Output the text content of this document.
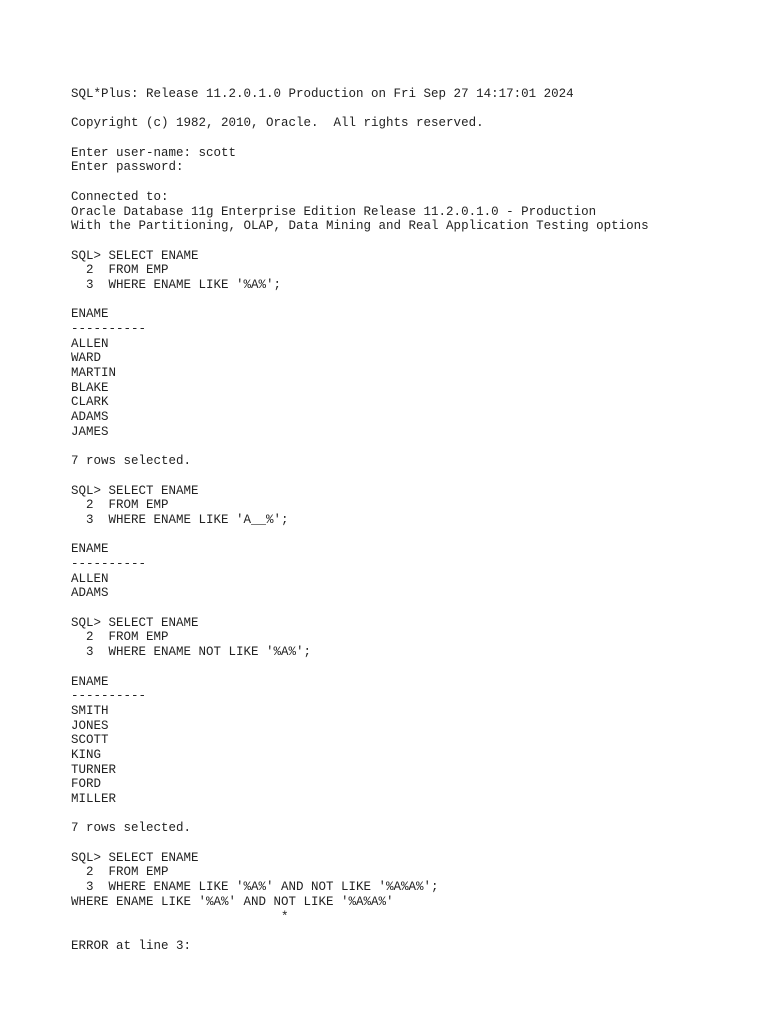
SQL*Plus: Release 11.2.0.1.0 Production on Fri Sep 27 14:17:01 2024
Copyright (c) 1982, 2010, Oracle.  All rights reserved.
Enter user-name: scott
Enter password:
Connected to:
Oracle Database 11g Enterprise Edition Release 11.2.0.1.0 - Production
With the Partitioning, OLAP, Data Mining and Real Application Testing options
SQL> SELECT ENAME
2  FROM EMP
3  WHERE ENAME LIKE '%A%';
ENAME
----------
ALLEN
WARD
MARTIN
BLAKE
CLARK
ADAMS
JAMES
7 rows selected.
SQL> SELECT ENAME
2  FROM EMP
3  WHERE ENAME LIKE 'A__%';
ENAME
----------
ALLEN
ADAMS
SQL> SELECT ENAME
2  FROM EMP
3  WHERE ENAME NOT LIKE '%A%';
ENAME
----------
SMITH
JONES
SCOTT
KING
TURNER
FORD
MILLER
7 rows selected.
SQL> SELECT ENAME
2  FROM EMP
3  WHERE ENAME LIKE '%A%' AND NOT LIKE '%A%A%';
WHERE ENAME LIKE '%A%' AND NOT LIKE '%A%A%'
*
ERROR at line 3:
